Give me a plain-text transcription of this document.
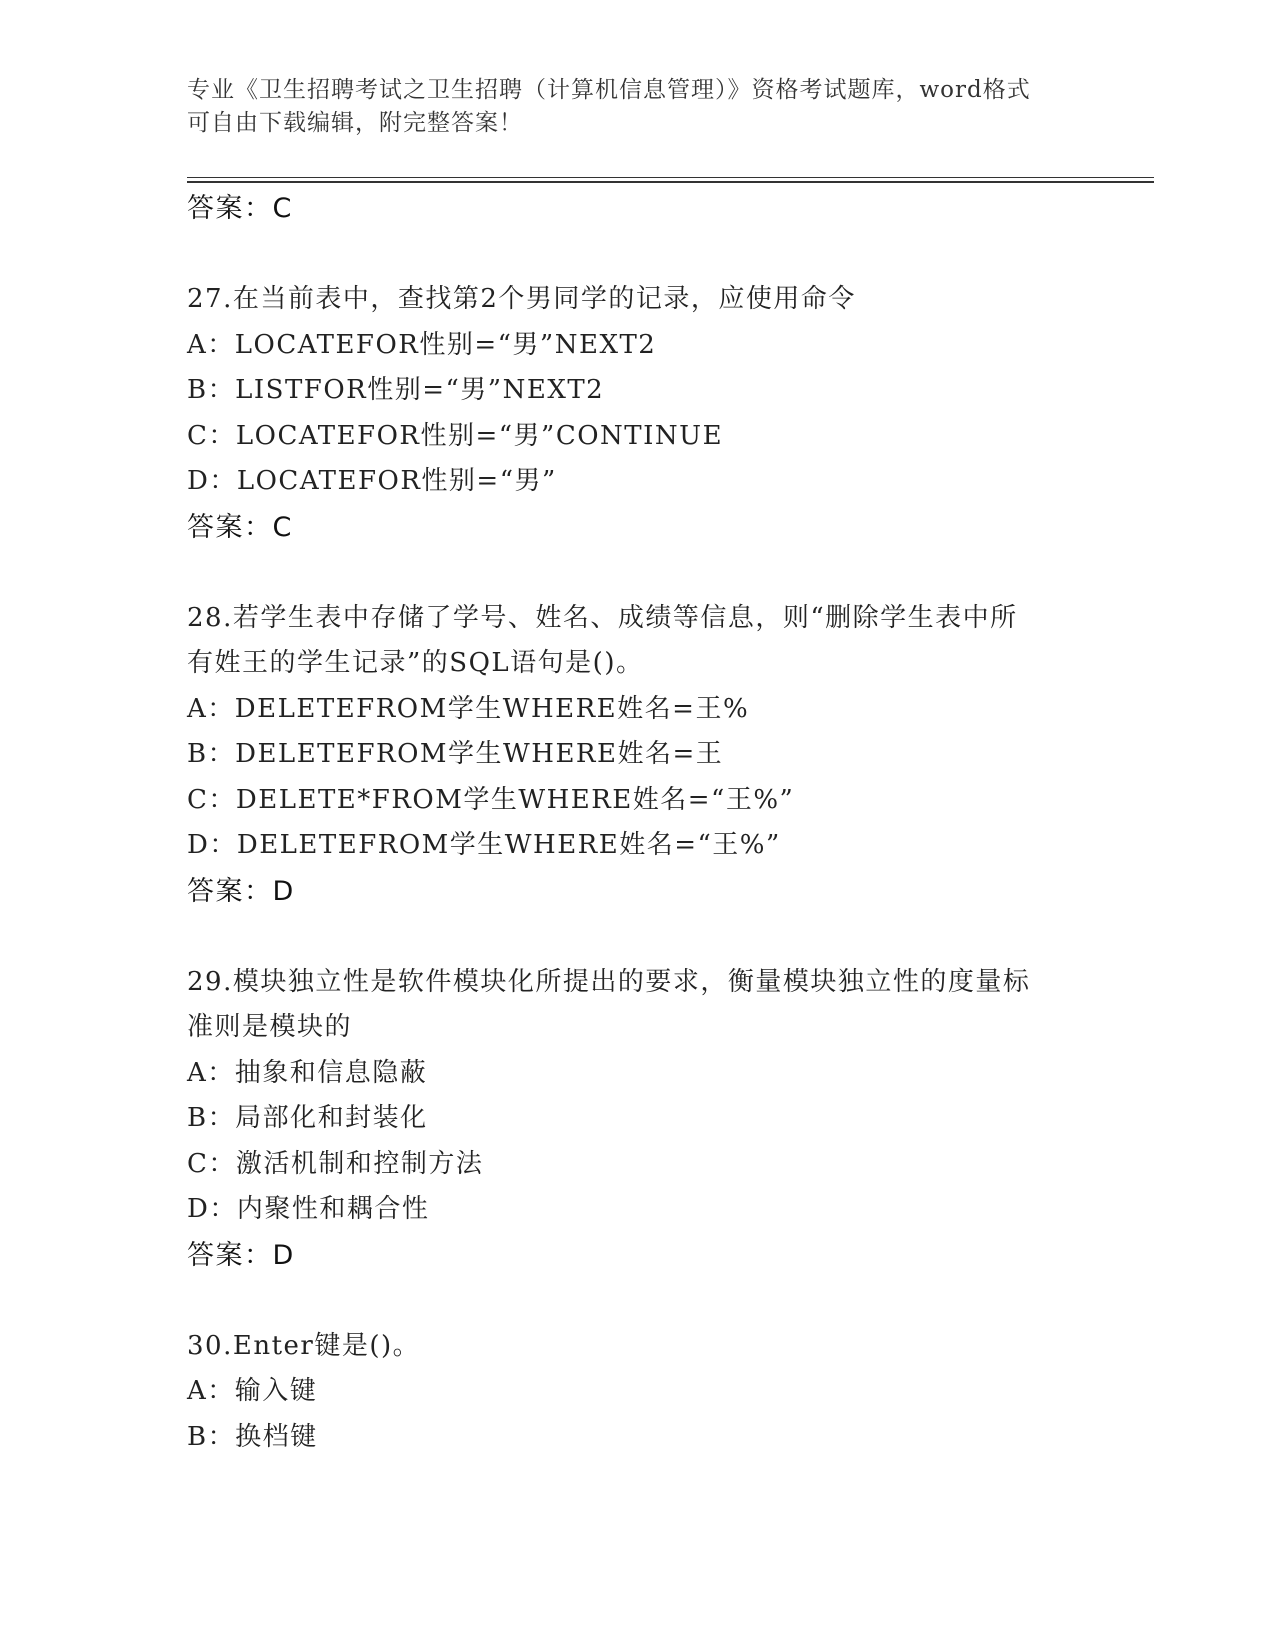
专业《卫生招聘考试之卫生招聘（计算机信息管理）》资格考试题库，word格式
可自由下载编辑，附完整答案！
答案：C
27.在当前表中，查找第2个男同学的记录，应使用命令
A：LOCATEFOR性别=“男”NEXT2
B：LISTFOR性别=“男”NEXT2
C：LOCATEFOR性别=“男”CONTINUE
D：LOCATEFOR性别=“男”
答案：C
28.若学生表中存储了学号、姓名、成绩等信息，则“删除学生表中所
有姓王的学生记录”的SQL语句是()。
A：DELETEFROM学生WHERE姓名=王%
B：DELETEFROM学生WHERE姓名=王
C：DELETE*FROM学生WHERE姓名=“王%”
D：DELETEFROM学生WHERE姓名=“王%”
答案：D
29.模块独立性是软件模块化所提出的要求，衡量模块独立性的度量标
准则是模块的
A：抽象和信息隐蔽
B：局部化和封装化
C：激活机制和控制方法
D：内聚性和耦合性
答案：D
30.Enter键是()。
A：输入键
B：换档键
